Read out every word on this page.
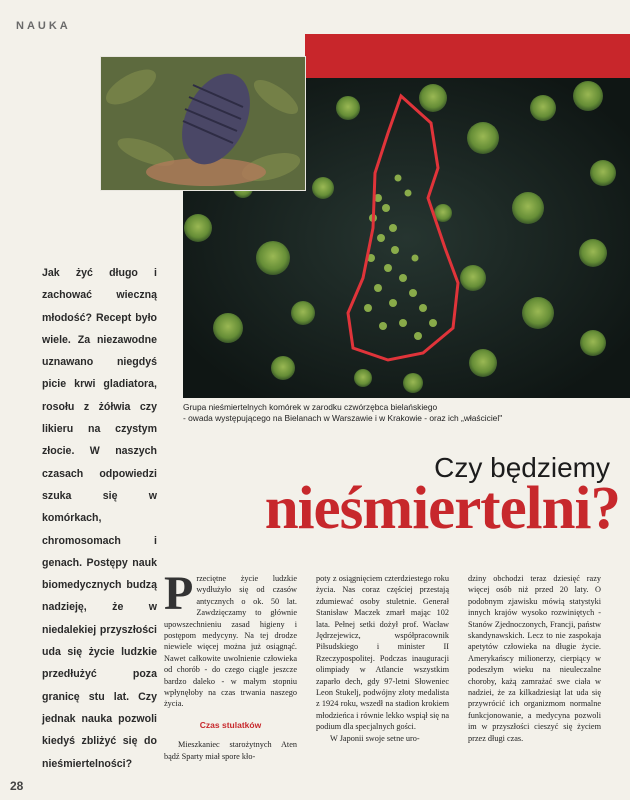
NAUKA
Grupa nieśmiertelnych komórek w zarodku czwórzębca bielańskiego
- owada występującego na Bielanach w Warszawie i w Krakowie - oraz ich „właściciel"
Jak żyć długo i zachować wieczną młodość? Recept było wiele. Za niezawodne uznawano niegdyś picie krwi gladiatora, rosołu z żółwia czy likieru na czystym złocie. W naszych czasach odpowiedzi szuka się w komórkach, chromosomach i genach. Postępy nauk biomedycznych budzą nadzieję, że w niedalekiej przyszłości uda się życie ludzkie przedłużyć poza granicę stu lat. Czy jednak nauka pozwoli kiedyś zbliżyć się do nieśmiertelności?
Czy będziemy
nieśmiertelni?

Przeciętne życie ludzkie wydłużyło się od czasów antycznych o ok. 50 lat. Zawdzięczamy to głównie upowszechnieniu zasad higieny i postępom medycyny. Na tej drodze niewiele więcej można już osiągnąć. Nawet całkowite uwolnienie człowieka od chorób - do czego ciągle jeszcze bardzo daleko - w małym stopniu wpłynęłoby na czas trwania naszego życia.

Czas stulatków

Mieszkaniec starożytnych Aten bądź Sparty miał spore kło-

poty z osiągnięciem czterdziestego roku życia. Nas coraz częściej przestają zdumiewać osoby stuletnie. Generał Stanisław Maczek zmarł mając 102 lata. Pełnej setki dożył prof. Wacław Jędrzejewicz, współpracownik Piłsudskiego i minister II Rzeczypospolitej. Podczas inauguracji olimpiady w Atlancie wszystkim zaparło dech, gdy 97-letni Słoweniec Leon Stukelj, podwójny złoty medalista z 1924 roku, wszedł na stadion krokiem młodzieńca i równie lekko wspiął się na podium dla specjalnych gości.

W Japonii swoje setne uro-

dziny obchodzi teraz dziesięć razy więcej osób niż przed 20 laty. O podobnym zjawisku mówią statystyki innych krajów wysoko rozwiniętych - Stanów Zjednoczonych, Francji, państw skandynawskich. Lecz to nie zaspokaja apetytów człowieka na długie życie. Amerykańscy milionerzy, cierpiący w podeszłym wieku na nieuleczalne choroby, każą zamrażać swe ciała w nadziei, że za kilkadziesiąt lat uda się przywrócić ich organizmom normalne funkcjonowanie, a medycyna pozwoli im w przyszłości cieszyć się życiem przez długi czas.

28
